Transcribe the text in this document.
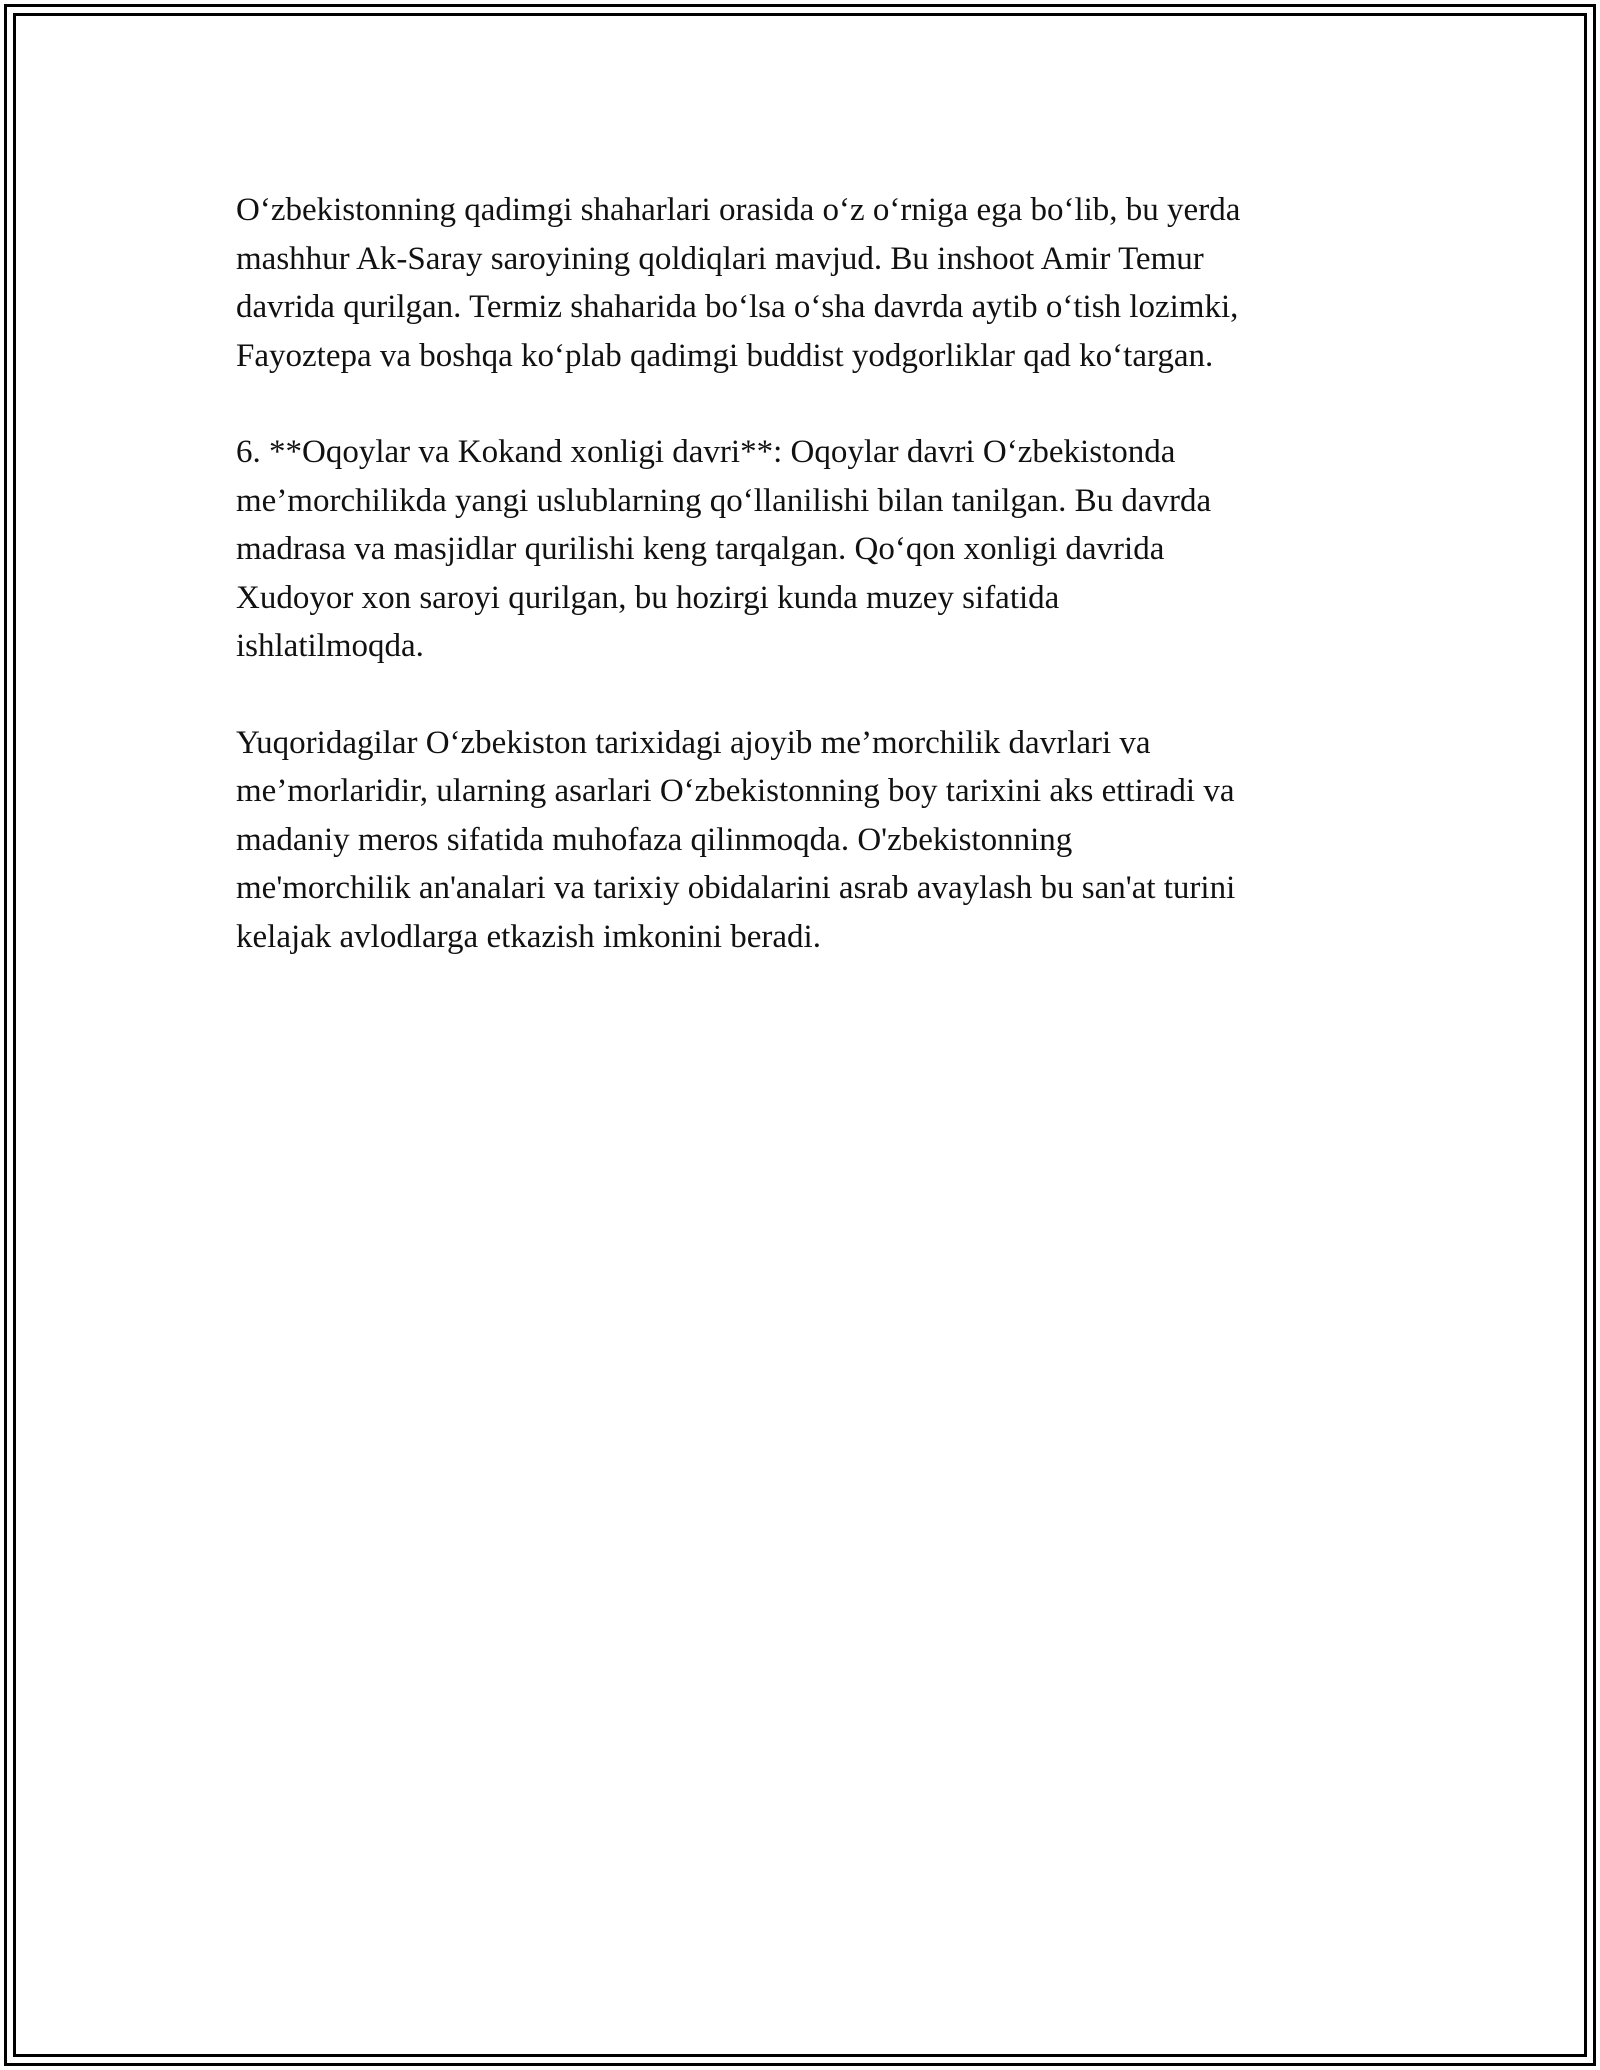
O‘zbekistonning qadimgi shaharlari orasida o‘z o‘rniga ega bo‘lib, bu yerda
mashhur Ak-Saray saroyining qoldiqlari mavjud. Bu inshoot Amir Temur
davrida qurilgan. Termiz shaharida bo‘lsa o‘sha davrda aytib o‘tish lozimki,
Fayoztepa va boshqa ko‘plab qadimgi buddist yodgorliklar qad ko‘targan.

6. **Oqoylar va Kokand xonligi davri**: Oqoylar davri O‘zbekistonda
me’morchilikda yangi uslublarning qo‘llanilishi bilan tanilgan. Bu davrda
madrasa va masjidlar qurilishi keng tarqalgan. Qo‘qon xonligi davrida
Xudoyor xon saroyi qurilgan, bu hozirgi kunda muzey sifatida
ishlatilmoqda.

Yuqoridagilar O‘zbekiston tarixidagi ajoyib me’morchilik davrlari va
me’morlaridir, ularning asarlari O‘zbekistonning boy tarixini aks ettiradi va
madaniy meros sifatida muhofaza qilinmoqda. O'zbekistonning
me'morchilik an'analari va tarixiy obidalarini asrab avaylash bu san'at turini
kelajak avlodlarga etkazish imkonini beradi.
